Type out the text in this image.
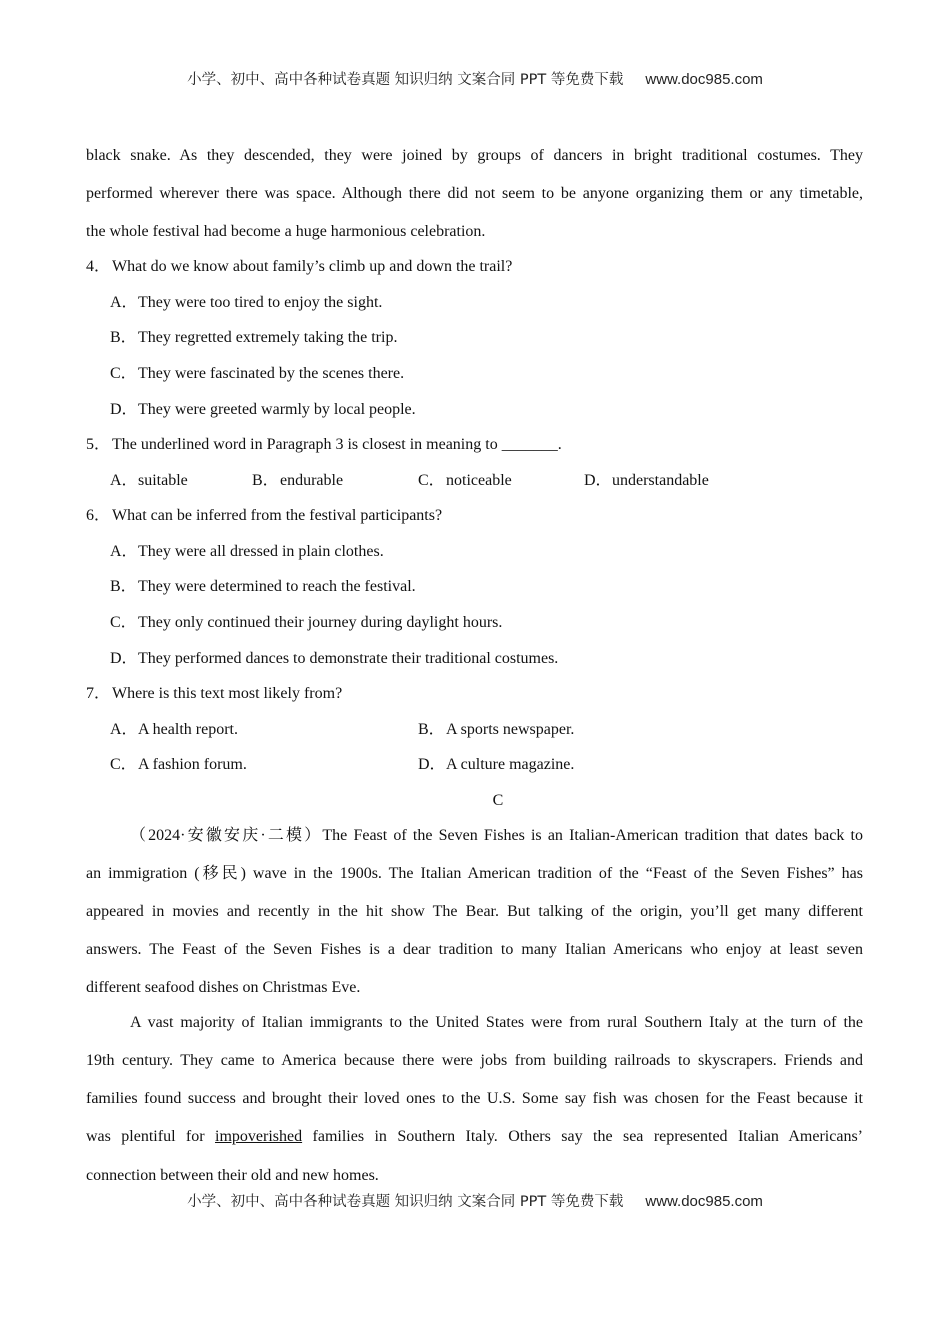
小学、初中、高中各种试卷真题 知识归纳 文案合同 PPT 等免费下载 www.doc985.com
black snake. As they descended, they were joined by groups of dancers in bright traditional costumes. They
performed wherever there was space. Although there did not seem to be anyone organizing them or any timetable,
the whole festival had become a huge harmonious celebration.
4． What do we know about family’s climb up and down the trail?
A．They were too tired to enjoy the sight.
B．They regretted extremely taking the trip.
C．They were fascinated by the scenes there.
D．They were greeted warmly by local people.
5． The underlined word in Paragraph 3 is closest in meaning to _______.
A．suitable	B．endurable	C．noticeable	D．understandable
6． What can be inferred from the festival participants?
A．They were all dressed in plain clothes.
B．They were determined to reach the festival.
C．They only continued their journey during daylight hours.
D．They performed dances to demonstrate their traditional costumes.
7． Where is this text most likely from?
A．A health report.	B．A sports newspaper.
C．A fashion forum.	D．A culture magazine.
C
（2024·安徽安庆·二模）The Feast of the Seven Fishes is an Italian-American tradition that dates back to
an immigration (移民) wave in the 1900s. The Italian American tradition of the “Feast of the Seven Fishes” has
appeared in movies and recently in the hit show The Bear. But talking of the origin, you’ll get many different
answers. The Feast of the Seven Fishes is a dear tradition to many Italian Americans who enjoy at least seven
different seafood dishes on Christmas Eve.
A vast majority of Italian immigrants to the United States were from rural Southern Italy at the turn of the
19th century. They came to America because there were jobs from building railroads to skyscrapers. Friends and
families found success and brought their loved ones to the U.S. Some say fish was chosen for the Feast because it
was plentiful for impoverished families in Southern Italy. Others say the sea represented Italian Americans’
connection between their old and new homes.
小学、初中、高中各种试卷真题 知识归纳 文案合同 PPT 等免费下载 www.doc985.com
